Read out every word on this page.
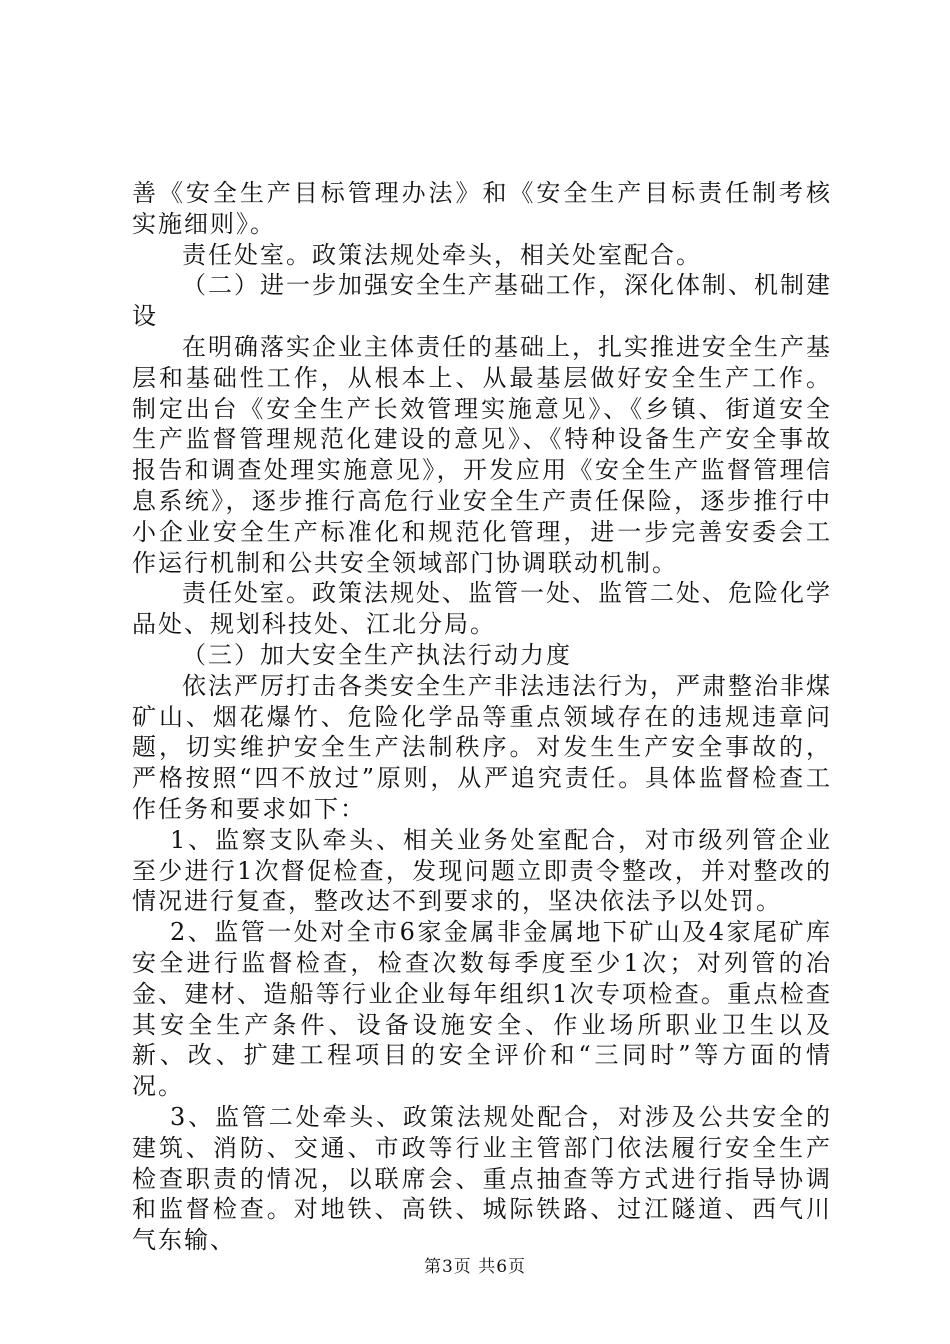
善《安全生产目标管理办法》和《安全生产目标责任制考核实施细则》。

责任处室。政策法规处牵头，相关处室配合。

（二）进一步加强安全生产基础工作，深化体制、机制建设

在明确落实企业主体责任的基础上，扎实推进安全生产基层和基础性工作，从根本上、从最基层做好安全生产工作。制定出台《安全生产长效管理实施意见》、《乡镇、街道安全生产监督管理规范化建设的意见》、《特种设备生产安全事故报告和调查处理实施意见》，开发应用《安全生产监督管理信息系统》，逐步推行高危行业安全生产责任保险，逐步推行中小企业安全生产标准化和规范化管理，进一步完善安委会工作运行机制和公共安全领域部门协调联动机制。

责任处室。政策法规处、监管一处、监管二处、危险化学品处、规划科技处、江北分局。

（三）加大安全生产执法行动力度

依法严厉打击各类安全生产非法违法行为，严肃整治非煤矿山、烟花爆竹、危险化学品等重点领域存在的违规违章问题，切实维护安全生产法制秩序。对发生生产安全事故的，严格按照“四不放过”原则，从严追究责任。具体监督检查工作任务和要求如下：

1、监察支队牵头、相关业务处室配合，对市级列管企业至少进行1次督促检查，发现问题立即责令整改，并对整改的情况进行复查，整改达不到要求的，坚决依法予以处罚。

2、监管一处对全市6家金属非金属地下矿山及4家尾矿库安全进行监督检查，检查次数每季度至少1次；对列管的冶金、建材、造船等行业企业每年组织1次专项检查。重点检查其安全生产条件、设备设施安全、作业场所职业卫生以及新、改、扩建工程项目的安全评价和“三同时”等方面的情况。

3、监管二处牵头、政策法规处配合，对涉及公共安全的建筑、消防、交通、市政等行业主管部门依法履行安全生产检查职责的情况，以联席会、重点抽查等方式进行指导协调和监督检查。对地铁、高铁、城际铁路、过江隧道、西气川气东输、

第3页 共6页
